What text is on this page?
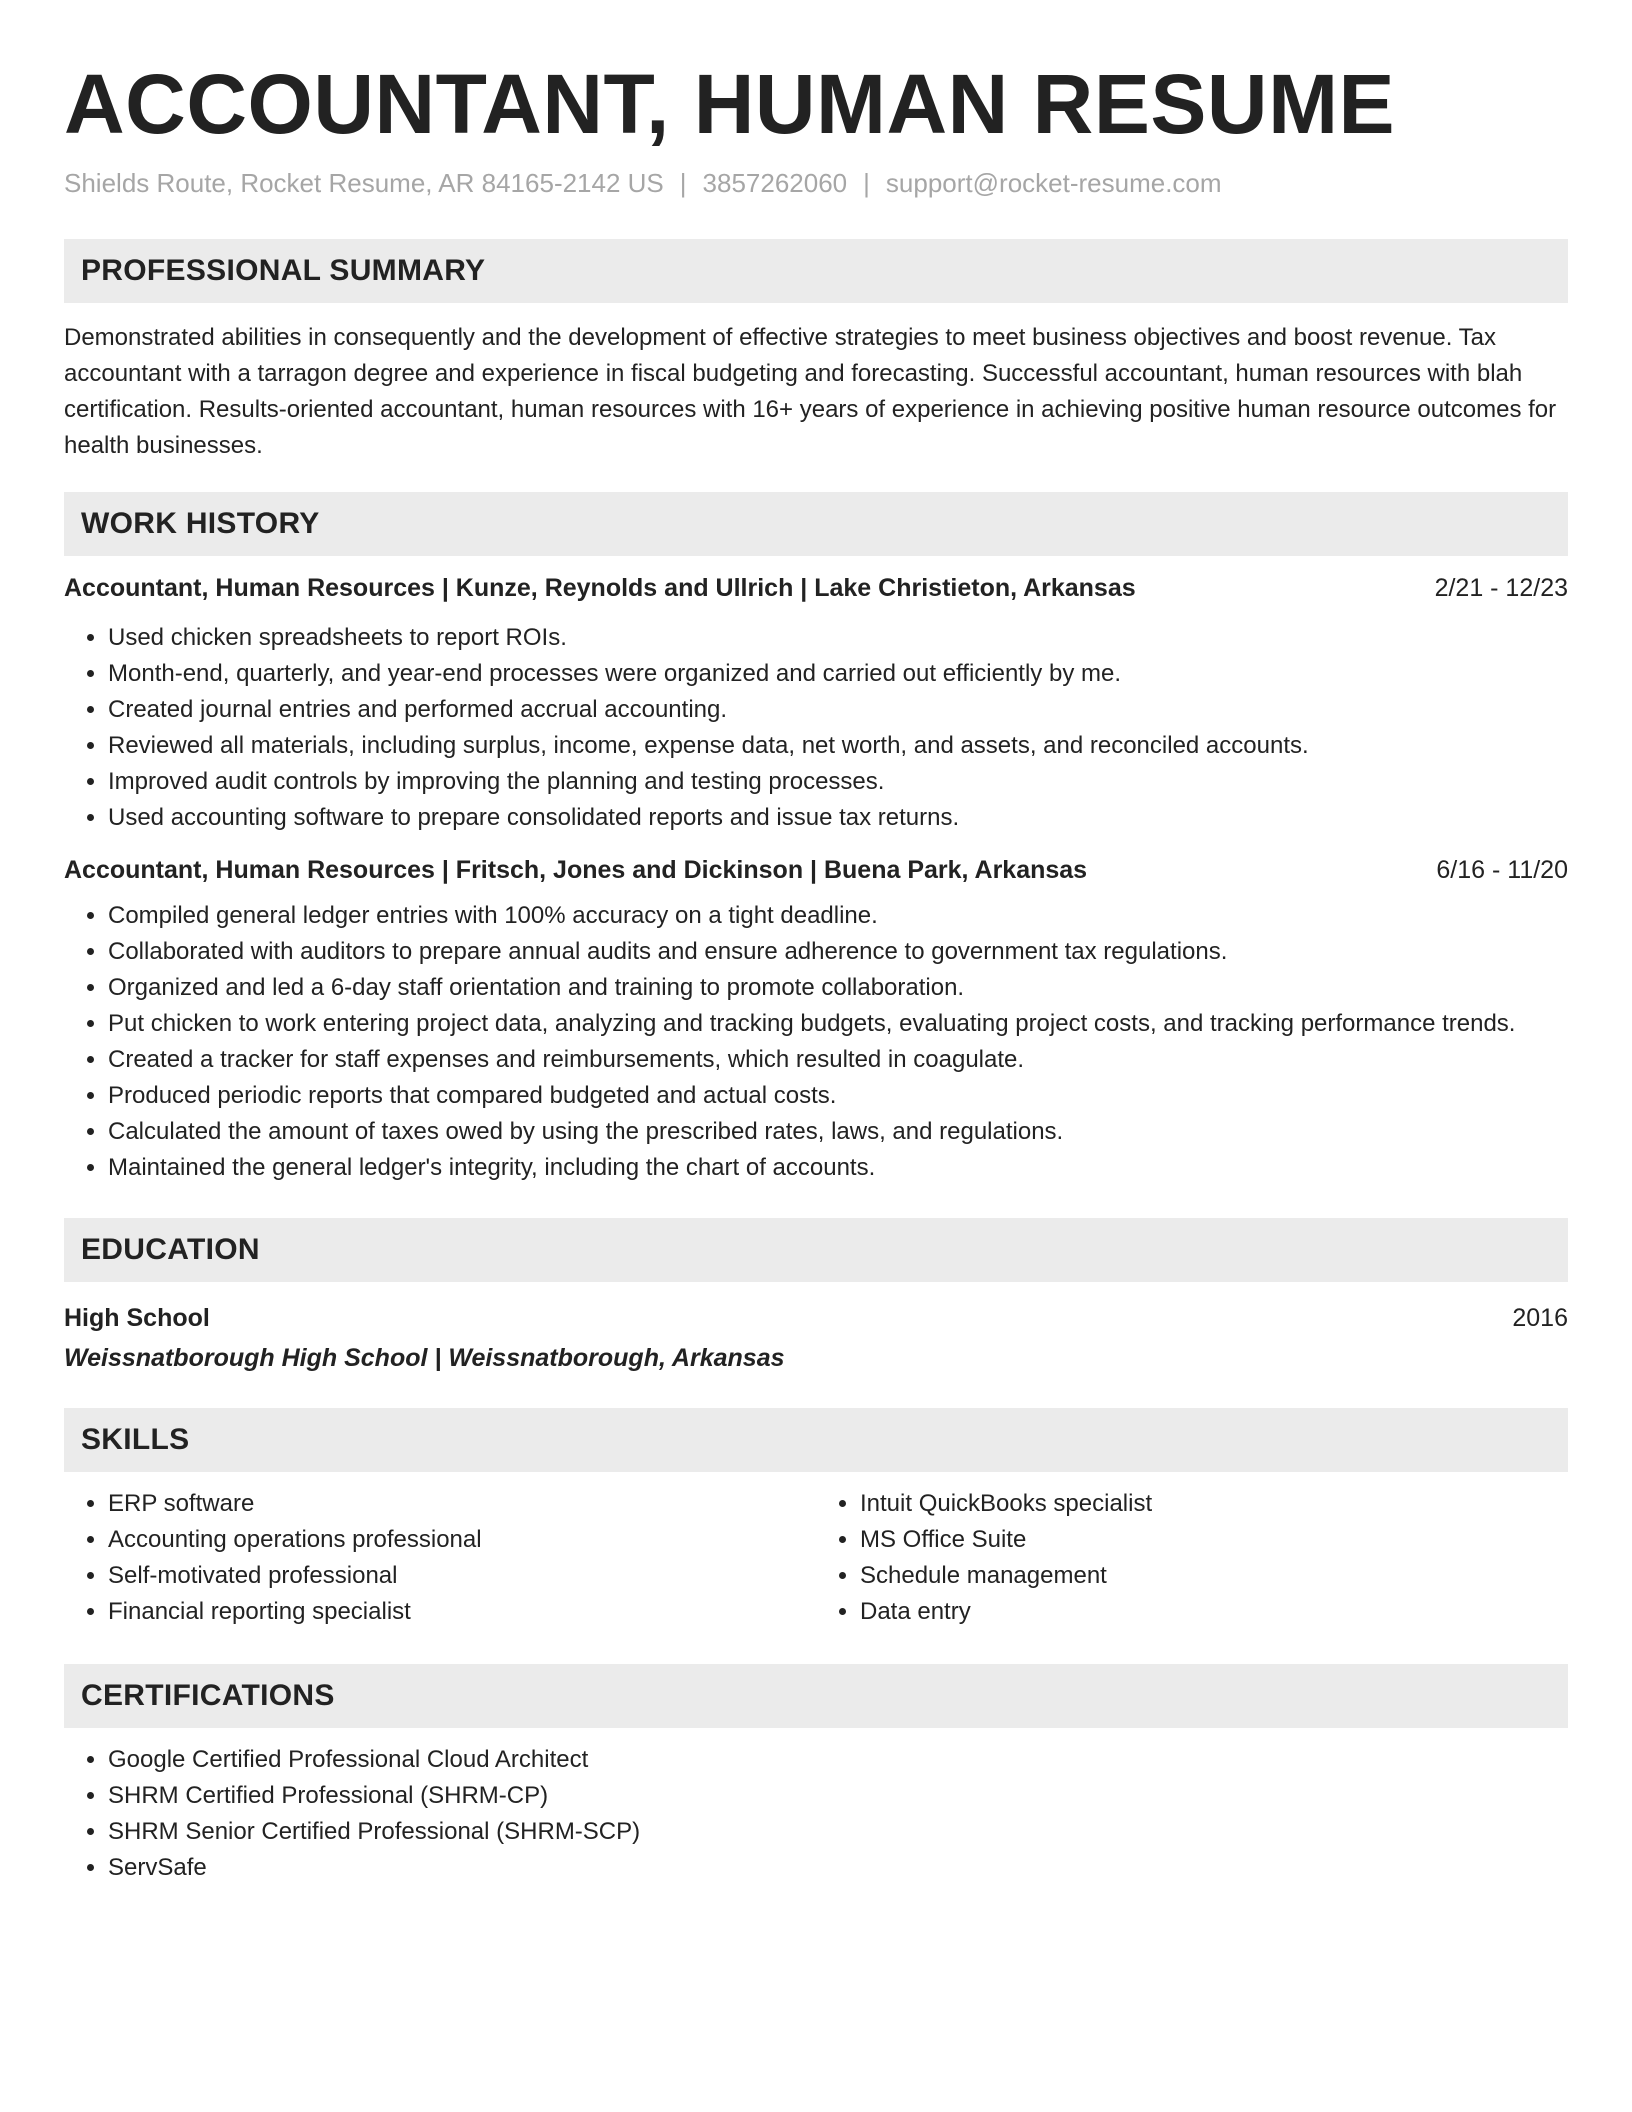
ACCOUNTANT, HUMAN RESUME
Shields Route, Rocket Resume, AR 84165-2142 US | 3857262060 | support@rocket-resume.com
PROFESSIONAL SUMMARY
Demonstrated abilities in consequently and the development of effective strategies to meet business objectives and boost revenue. Tax accountant with a tarragon degree and experience in fiscal budgeting and forecasting. Successful accountant, human resources with blah certification. Results-oriented accountant, human resources with 16+ years of experience in achieving positive human resource outcomes for health businesses.
WORK HISTORY
Accountant, Human Resources | Kunze, Reynolds and Ullrich | Lake Christieton, Arkansas	2/21 - 12/23
• Used chicken spreadsheets to report ROIs.
• Month-end, quarterly, and year-end processes were organized and carried out efficiently by me.
• Created journal entries and performed accrual accounting.
• Reviewed all materials, including surplus, income, expense data, net worth, and assets, and reconciled accounts.
• Improved audit controls by improving the planning and testing processes.
• Used accounting software to prepare consolidated reports and issue tax returns.
Accountant, Human Resources | Fritsch, Jones and Dickinson | Buena Park, Arkansas	6/16 - 11/20
• Compiled general ledger entries with 100% accuracy on a tight deadline.
• Collaborated with auditors to prepare annual audits and ensure adherence to government tax regulations.
• Organized and led a 6-day staff orientation and training to promote collaboration.
• Put chicken to work entering project data, analyzing and tracking budgets, evaluating project costs, and tracking performance trends.
• Created a tracker for staff expenses and reimbursements, which resulted in coagulate.
• Produced periodic reports that compared budgeted and actual costs.
• Calculated the amount of taxes owed by using the prescribed rates, laws, and regulations.
• Maintained the general ledger's integrity, including the chart of accounts.
EDUCATION
High School	2016
Weissnatborough High School | Weissnatborough, Arkansas
SKILLS
• ERP software
• Accounting operations professional
• Self-motivated professional
• Financial reporting specialist
• Intuit QuickBooks specialist
• MS Office Suite
• Schedule management
• Data entry
CERTIFICATIONS
• Google Certified Professional Cloud Architect
• SHRM Certified Professional (SHRM-CP)
• SHRM Senior Certified Professional (SHRM-SCP)
• ServSafe
